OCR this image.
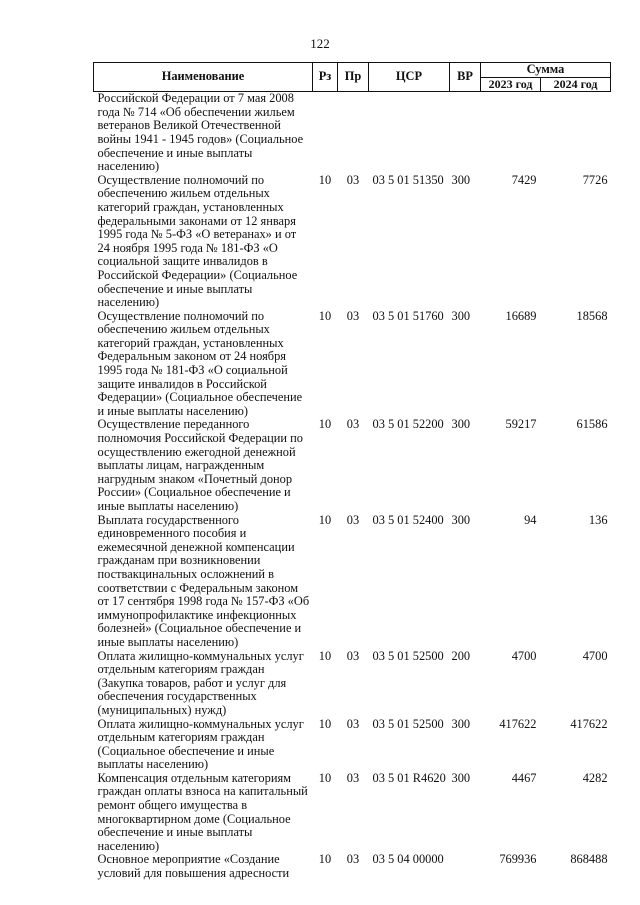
122
Наименование	Рз	Пр	ЦСР	ВР	Сумма	
					2023 год	2024 год
Российской Федерации от 7 мая 2008 года № 714 «Об обеспечении жильем ветеранов Великой Отечественной войны 1941 - 1945 годов» (Социальное обеспечение и иные выплаты населению)						
Осуществление полномочий по обеспечению жильем отдельных категорий граждан, установленных федеральными законами от 12 января 1995 года № 5-ФЗ «О ветеранах» и от 24 ноября 1995 года № 181-ФЗ «О социальной защите инвалидов в Российской Федерации» (Социальное обеспечение и иные выплаты населению)	10	03	03 5 01 51350	300	7429	7726
Осуществление полномочий по обеспечению жильем отдельных категорий граждан, установленных Федеральным законом от 24 ноября 1995 года № 181-ФЗ «О социальной защите инвалидов в Российской Федерации» (Социальное обеспечение и иные выплаты населению)	10	03	03 5 01 51760	300	16689	18568
Осуществление переданного полномочия Российской Федерации по осуществлению ежегодной денежной выплаты лицам, награжденным нагрудным знаком «Почетный донор России» (Социальное обеспечение и иные выплаты населению)	10	03	03 5 01 52200	300	59217	61586
Выплата государственного единовременного пособия и ежемесячной денежной компенсации гражданам при возникновении поствакцинальных осложнений в соответствии с Федеральным законом от 17 сентября 1998 года № 157-ФЗ «Об иммунопрофилактике инфекционных болезней» (Социальное обеспечение и иные выплаты населению)	10	03	03 5 01 52400	300	94	136
Оплата жилищно-коммунальных услуг отдельным категориям граждан (Закупка товаров, работ и услуг для обеспечения государственных (муниципальных) нужд)	10	03	03 5 01 52500	200	4700	4700
Оплата жилищно-коммунальных услуг отдельным категориям граждан (Социальное обеспечение и иные выплаты населению)	10	03	03 5 01 52500	300	417622	417622
Компенсация отдельным категориям граждан оплаты взноса на капитальный ремонт общего имущества в многоквартирном доме (Социальное обеспечение и иные выплаты населению)	10	03	03 5 01 R4620	300	4467	4282
Основное мероприятие «Создание условий для повышения адресности	10	03	03 5 04 00000		769936	868488
